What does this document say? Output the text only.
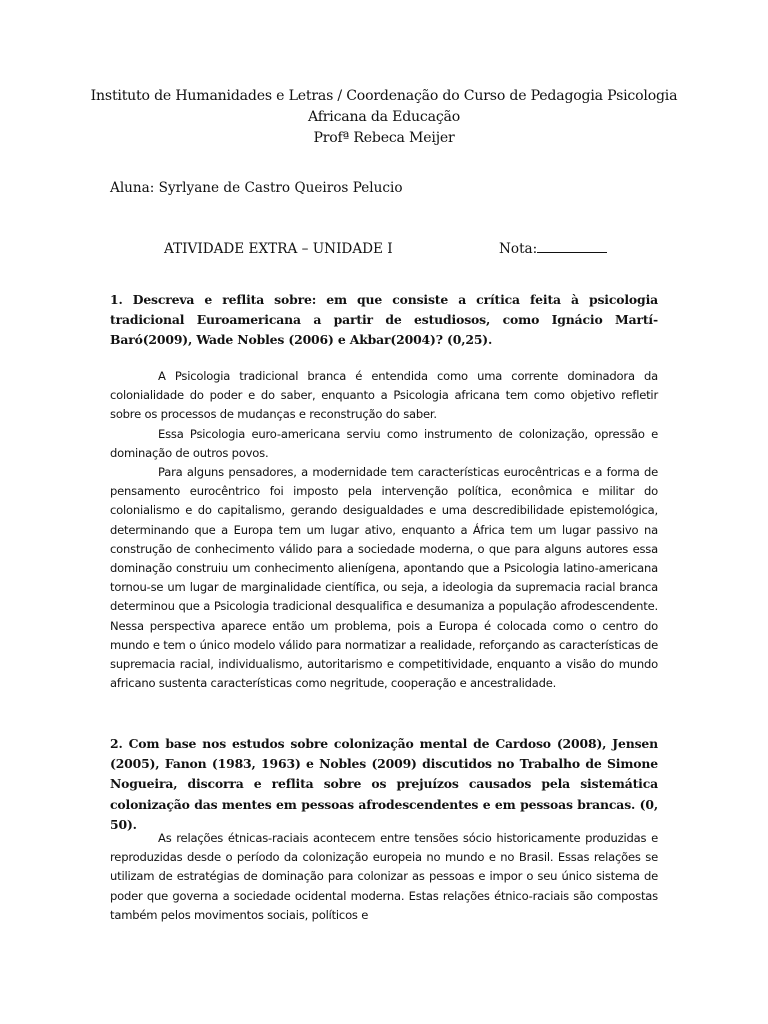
Instituto de Humanidades e Letras / Coordenação do Curso de Pedagogia Psicologia
Africana da Educação
Profª Rebeca Meijer
Aluna: Syrlyane de Castro Queiros Pelucio
ATIVIDADE EXTRA – UNIDADE I	Nota:
1. Descreva e reflita sobre: em que consiste a crítica feita à psicologia tradicional Euroamericana a partir de estudiosos, como Ignácio Martí-Baró(2009), Wade Nobles (2006) e Akbar(2004)? (0,25).

A Psicologia tradicional branca é entendida como uma corrente dominadora da colonialidade do poder e do saber, enquanto a Psicologia africana tem como objetivo refletir sobre os processos de mudanças e reconstrução do saber.

Essa Psicologia euro-americana serviu como instrumento de colonização, opressão e dominação de outros povos.

Para alguns pensadores, a modernidade tem características eurocêntricas e a forma de pensamento eurocêntrico foi imposto pela intervenção política, econômica e militar do colonialismo e do capitalismo, gerando desigualdades e uma descredibilidade epistemológica, determinando que a Europa tem um lugar ativo, enquanto a África tem um lugar passivo na construção de conhecimento válido para a sociedade moderna, o que para alguns autores essa dominação construiu um conhecimento alienígena, apontando que a Psicologia latino-americana tornou-se um lugar de marginalidade científica, ou seja, a ideologia da supremacia racial branca determinou que a Psicologia tradicional desqualifica e desumaniza a população afrodescendente. Nessa perspectiva aparece então um problema, pois a Europa é colocada como o centro do mundo e tem o único modelo válido para normatizar a realidade, reforçando as características de supremacia racial, individualismo, autoritarismo e competitividade, enquanto a visão do mundo africano sustenta características como negritude, cooperação e ancestralidade.

2. Com base nos estudos sobre colonização mental de Cardoso (2008), Jensen (2005), Fanon (1983, 1963) e Nobles (2009) discutidos no Trabalho de Simone Nogueira, discorra e reflita sobre os prejuízos causados pela sistemática colonização das mentes em pessoas afrodescendentes e em pessoas brancas. (0, 50).

As relações étnicas-raciais acontecem entre tensões sócio historicamente produzidas e reproduzidas desde o período da colonização europeia no mundo e no Brasil. Essas relações se utilizam de estratégias de dominação para colonizar as pessoas e impor o seu único sistema de poder que governa a sociedade ocidental moderna. Estas relações étnico-raciais são compostas também pelos movimentos sociais, políticos e
